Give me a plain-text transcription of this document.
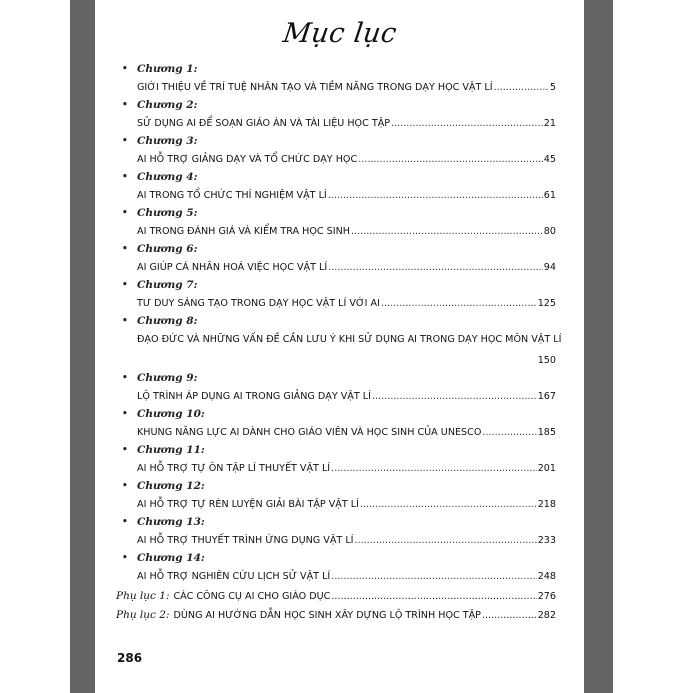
Mục lục
• Chương 1:
GIỚI THIỆU VỀ TRÍ TUỆ NHÂN TẠO VÀ TIỀM NĂNG TRONG DẠY HỌC VẬT LÍ .....	5
• Chương 2:
SỬ DỤNG AI ĐỂ SOẠN GIÁO ÁN VÀ TÀI LIỆU HỌC TẬP .....	21
• Chương 3:
AI HỖ TRỢ GIẢNG DẠY VÀ TỔ CHỨC DẠY HỌC .....	45
• Chương 4:
AI TRONG TỔ CHỨC THÍ NGHIỆM VẬT LÍ .....	61
• Chương 5:
AI TRONG ĐÁNH GIÁ VÀ KIỂM TRA HỌC SINH .....	80
• Chương 6:
AI GIÚP CÁ NHÂN HOÁ VIỆC HỌC VẬT LÍ .....	94
• Chương 7:
TƯ DUY SÁNG TẠO TRONG DẠY HỌC VẬT LÍ VỚI AI .....	125
• Chương 8:
ĐẠO ĐỨC VÀ NHỮNG VẤN ĐỀ CẦN LƯU Ý KHI SỬ DỤNG AI TRONG DẠY HỌC MÔN VẬT LÍ
150
• Chương 9:
LỘ TRÌNH ÁP DỤNG AI TRONG GIẢNG DẠY VẬT LÍ .....	167
• Chương 10:
KHUNG NĂNG LỰC AI DÀNH CHO GIÁO VIÊN VÀ HỌC SINH CỦA UNESCO .....	185
• Chương 11:
AI HỖ TRỢ TỰ ÔN TẬP LÍ THUYẾT VẬT LÍ .....	201
• Chương 12:
AI HỖ TRỢ TỰ RÈN LUYỆN GIẢI BÀI TẬP VẬT LÍ .....	218
• Chương 13:
AI HỖ TRỢ THUYẾT TRÌNH ỨNG DỤNG VẬT LÍ .....	233
• Chương 14:
AI HỖ TRỢ NGHIÊN CỨU LỊCH SỬ VẬT LÍ .....	248
Phụ lục 1: CÁC CÔNG CỤ AI CHO GIÁO DỤC .....	276
Phụ lục 2: DÙNG AI HƯỚNG DẪN HỌC SINH XÂY DỰNG LỘ TRÌNH HỌC TẬP .....	282
286
